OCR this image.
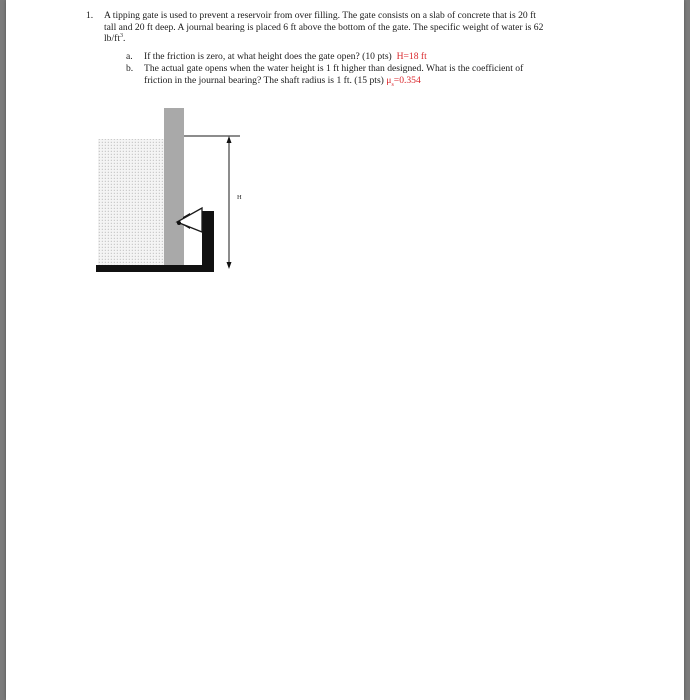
1. A tipping gate is used to prevent a reservoir from over filling. The gate consists on a slab of concrete that is 20 ft
tall and 20 ft deep. A journal bearing is placed 6 ft above the bottom of the gate. The specific weight of water is 62
$lb/ft^3$.
a. If the friction is zero, at what height does the gate open? (10 pts) H=18 ft
b. The actual gate opens when the water height is 1 ft higher than designed. What is the coefficient of
friction in the journal bearing? The shaft radius is 1 ft. (15 pts) $\mu_s=0.354$
H
